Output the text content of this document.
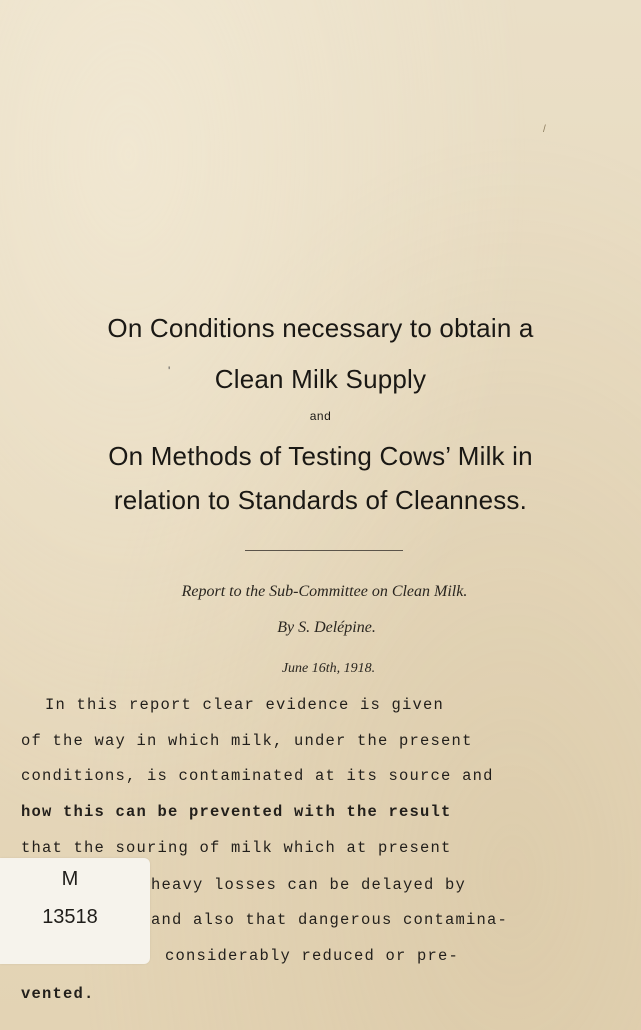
On Conditions necessary to obtain a
Clean Milk Supply
and
On Methods of Testing Cows’ Milk in
relation to Standards of Cleanness.
'
/
Report to the Sub-Committee on Clean Milk.
By S. Delépine.
June 16th, 1918.
In this report clear evidence is given
of the way in which milk, under the present
conditions, is contaminated at its source and
how this can be prevented with the result
that the souring of milk which at present
heavy losses can be delayed by
and also that dangerous contamina-
considerably reduced or pre-
vented.
M
13518
